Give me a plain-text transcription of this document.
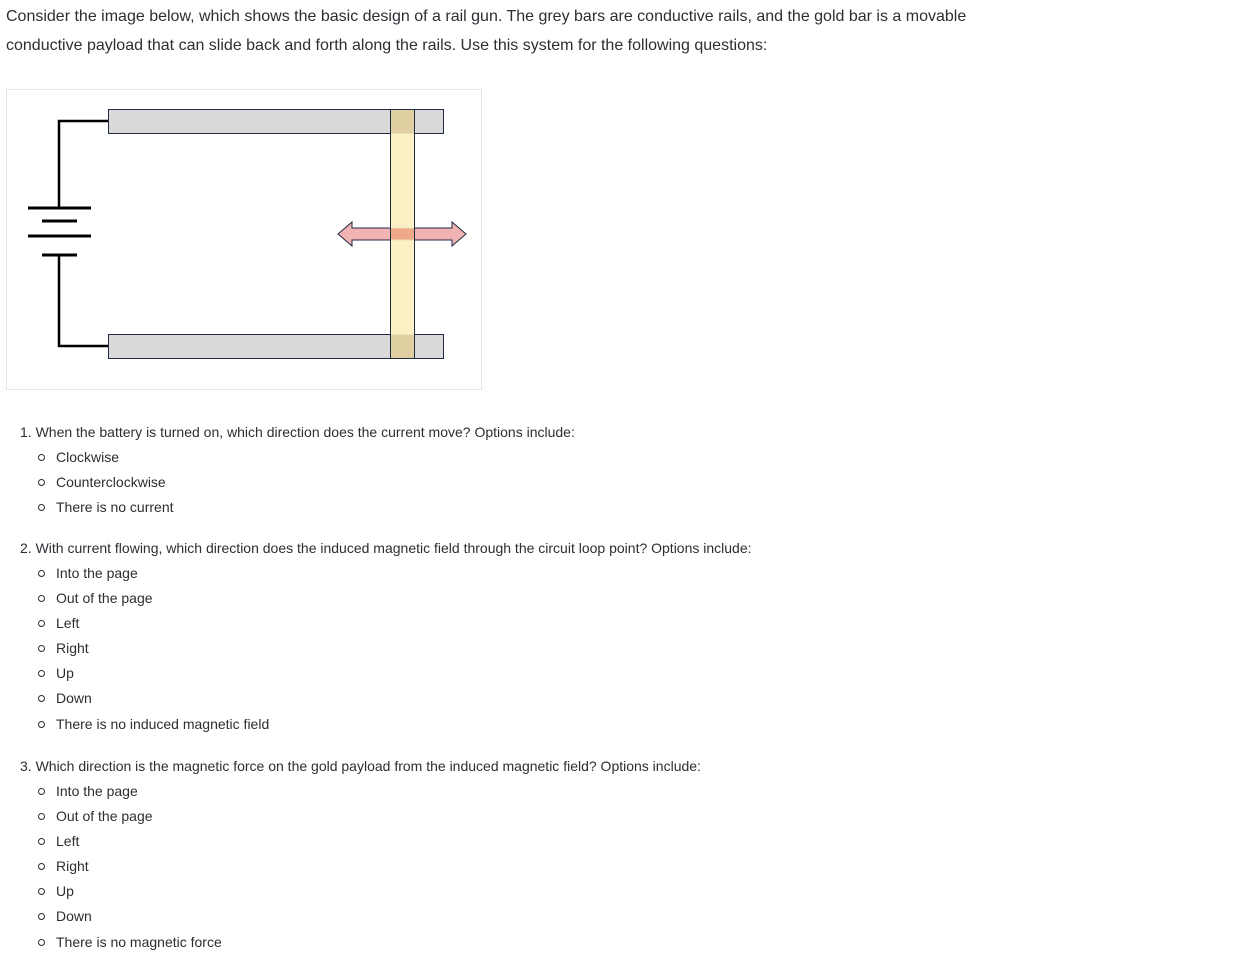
Consider the image below, which shows the basic design of a rail gun. The grey bars are conductive rails, and the gold bar is a movable conductive payload that can slide back and forth along the rails. Use this system for the following questions:

1. When the battery is turned on, which direction does the current move? Options include:
Clockwise
Counterclockwise
There is no current
2. With current flowing, which direction does the induced magnetic field through the circuit loop point? Options include:
Into the page
Out of the page
Left
Right
Up
Down
There is no induced magnetic field
3. Which direction is the magnetic force on the gold payload from the induced magnetic field? Options include:
Into the page
Out of the page
Left
Right
Up
Down
There is no magnetic force
